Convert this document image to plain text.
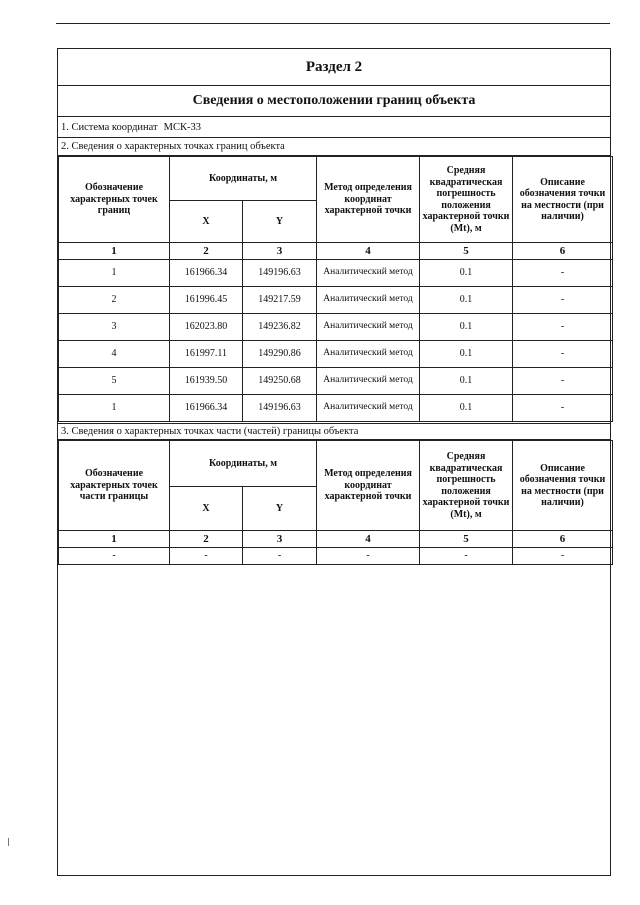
Раздел 2
Сведения о местоположении границ объекта
1. Система координат МСК-33
2. Сведения о характерных точках границ объекта
Обозначение характерных точек границ	Координаты, м		Метод определения координат характерной точки	Средняя квадратическая погрешность положения характерной точки (Mt), м	Описание обозначения точки на местности (при наличии)
	X	Y			
1	2	3	4	5	6
1	161966.34	149196.63	Аналитический метод	0.1	-
2	161996.45	149217.59	Аналитический метод	0.1	-
3	162023.80	149236.82	Аналитический метод	0.1	-
4	161997.11	149290.86	Аналитический метод	0.1	-
5	161939.50	149250.68	Аналитический метод	0.1	-
1	161966.34	149196.63	Аналитический метод	0.1	-
3. Сведения о характерных точках части (частей) границы объекта
Обозначение характерных точек части границы	Координаты, м		Метод определения координат характерной точки	Средняя квадратическая погрешность положения характерной точки (Mt), м	Описание обозначения точки на местности (при наличии)
	X	Y			
1	2	3	4	5	6
-	-	-	-	-	-
